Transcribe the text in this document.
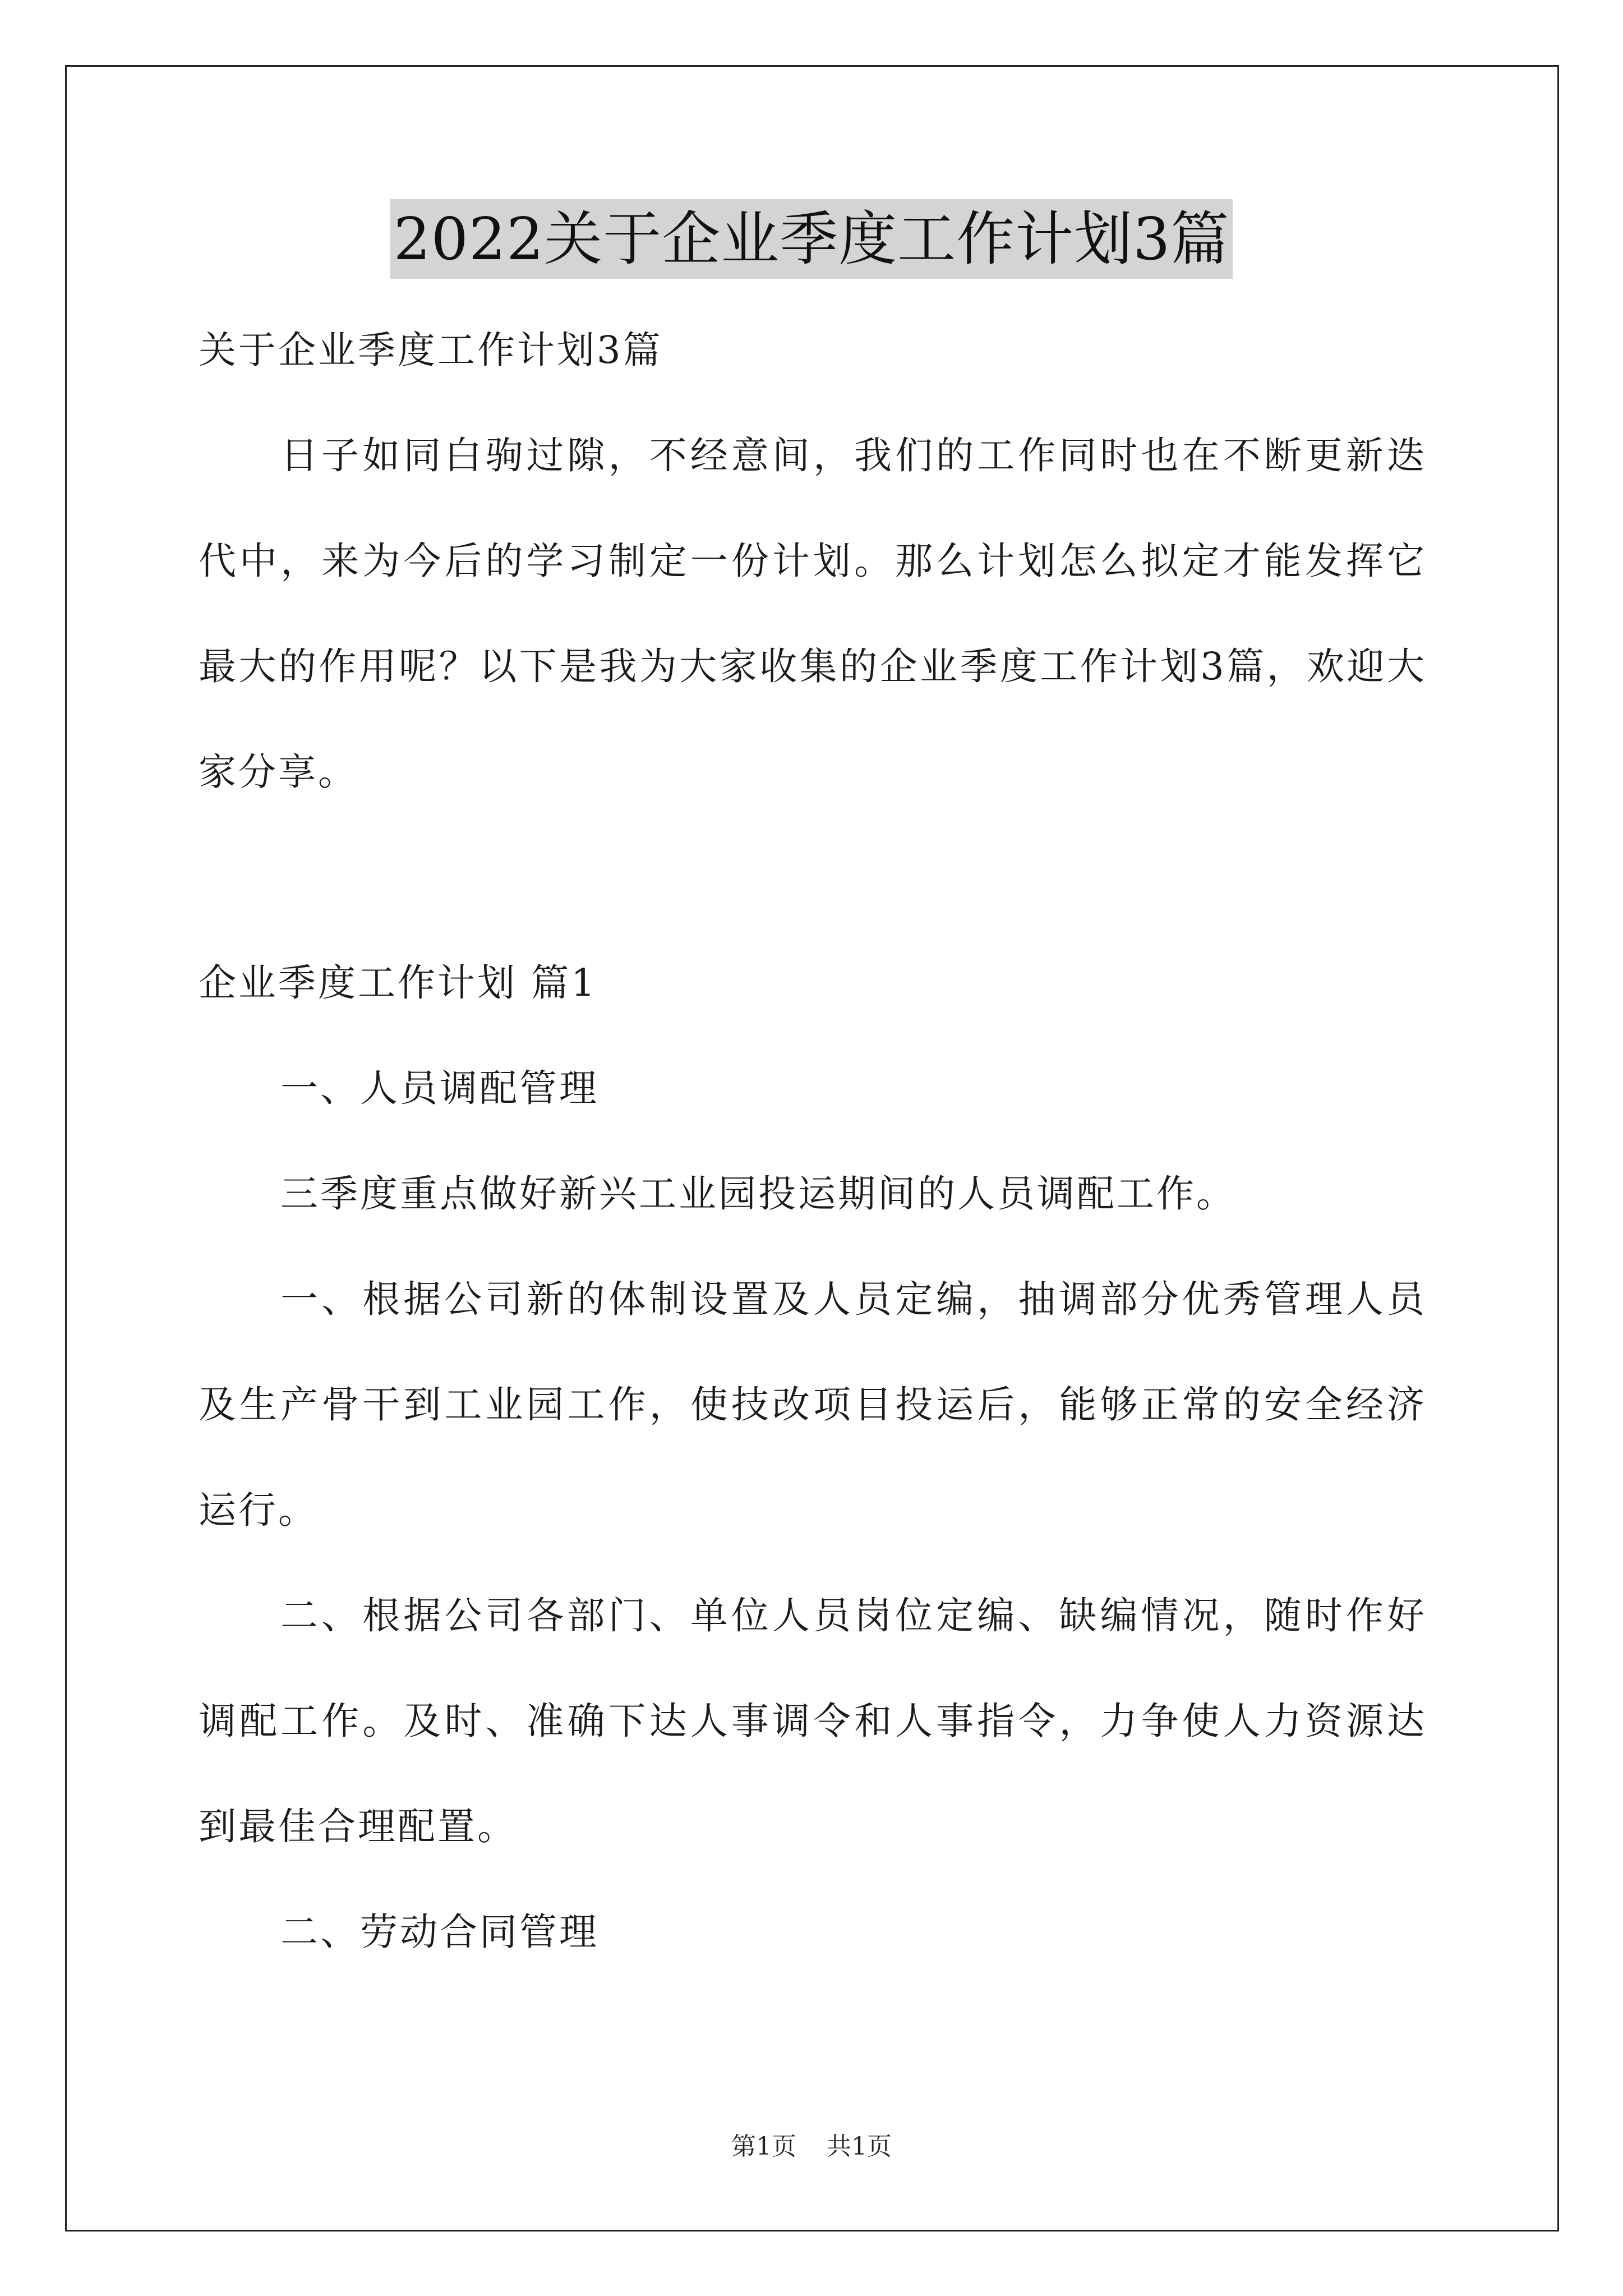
2022关于企业季度工作计划3篇

关于企业季度工作计划3篇

日子如同白驹过隙，不经意间，我们的工作同时也在不断更新迭代中，来为今后的学习制定一份计划。那么计划怎么拟定才能发挥它最大的作用呢？以下是我为大家收集的企业季度工作计划3篇，欢迎大家分享。

企业季度工作计划 篇1

一、人员调配管理

三季度重点做好新兴工业园投运期间的人员调配工作。

一、根据公司新的体制设置及人员定编，抽调部分优秀管理人员及生产骨干到工业园工作，使技改项目投运后，能够正常的安全经济运行。

二、根据公司各部门、单位人员岗位定编、缺编情况，随时作好调配工作。及时、准确下达人事调令和人事指令，力争使人力资源达到最佳合理配置。

二、劳动合同管理

第1页 共1页
